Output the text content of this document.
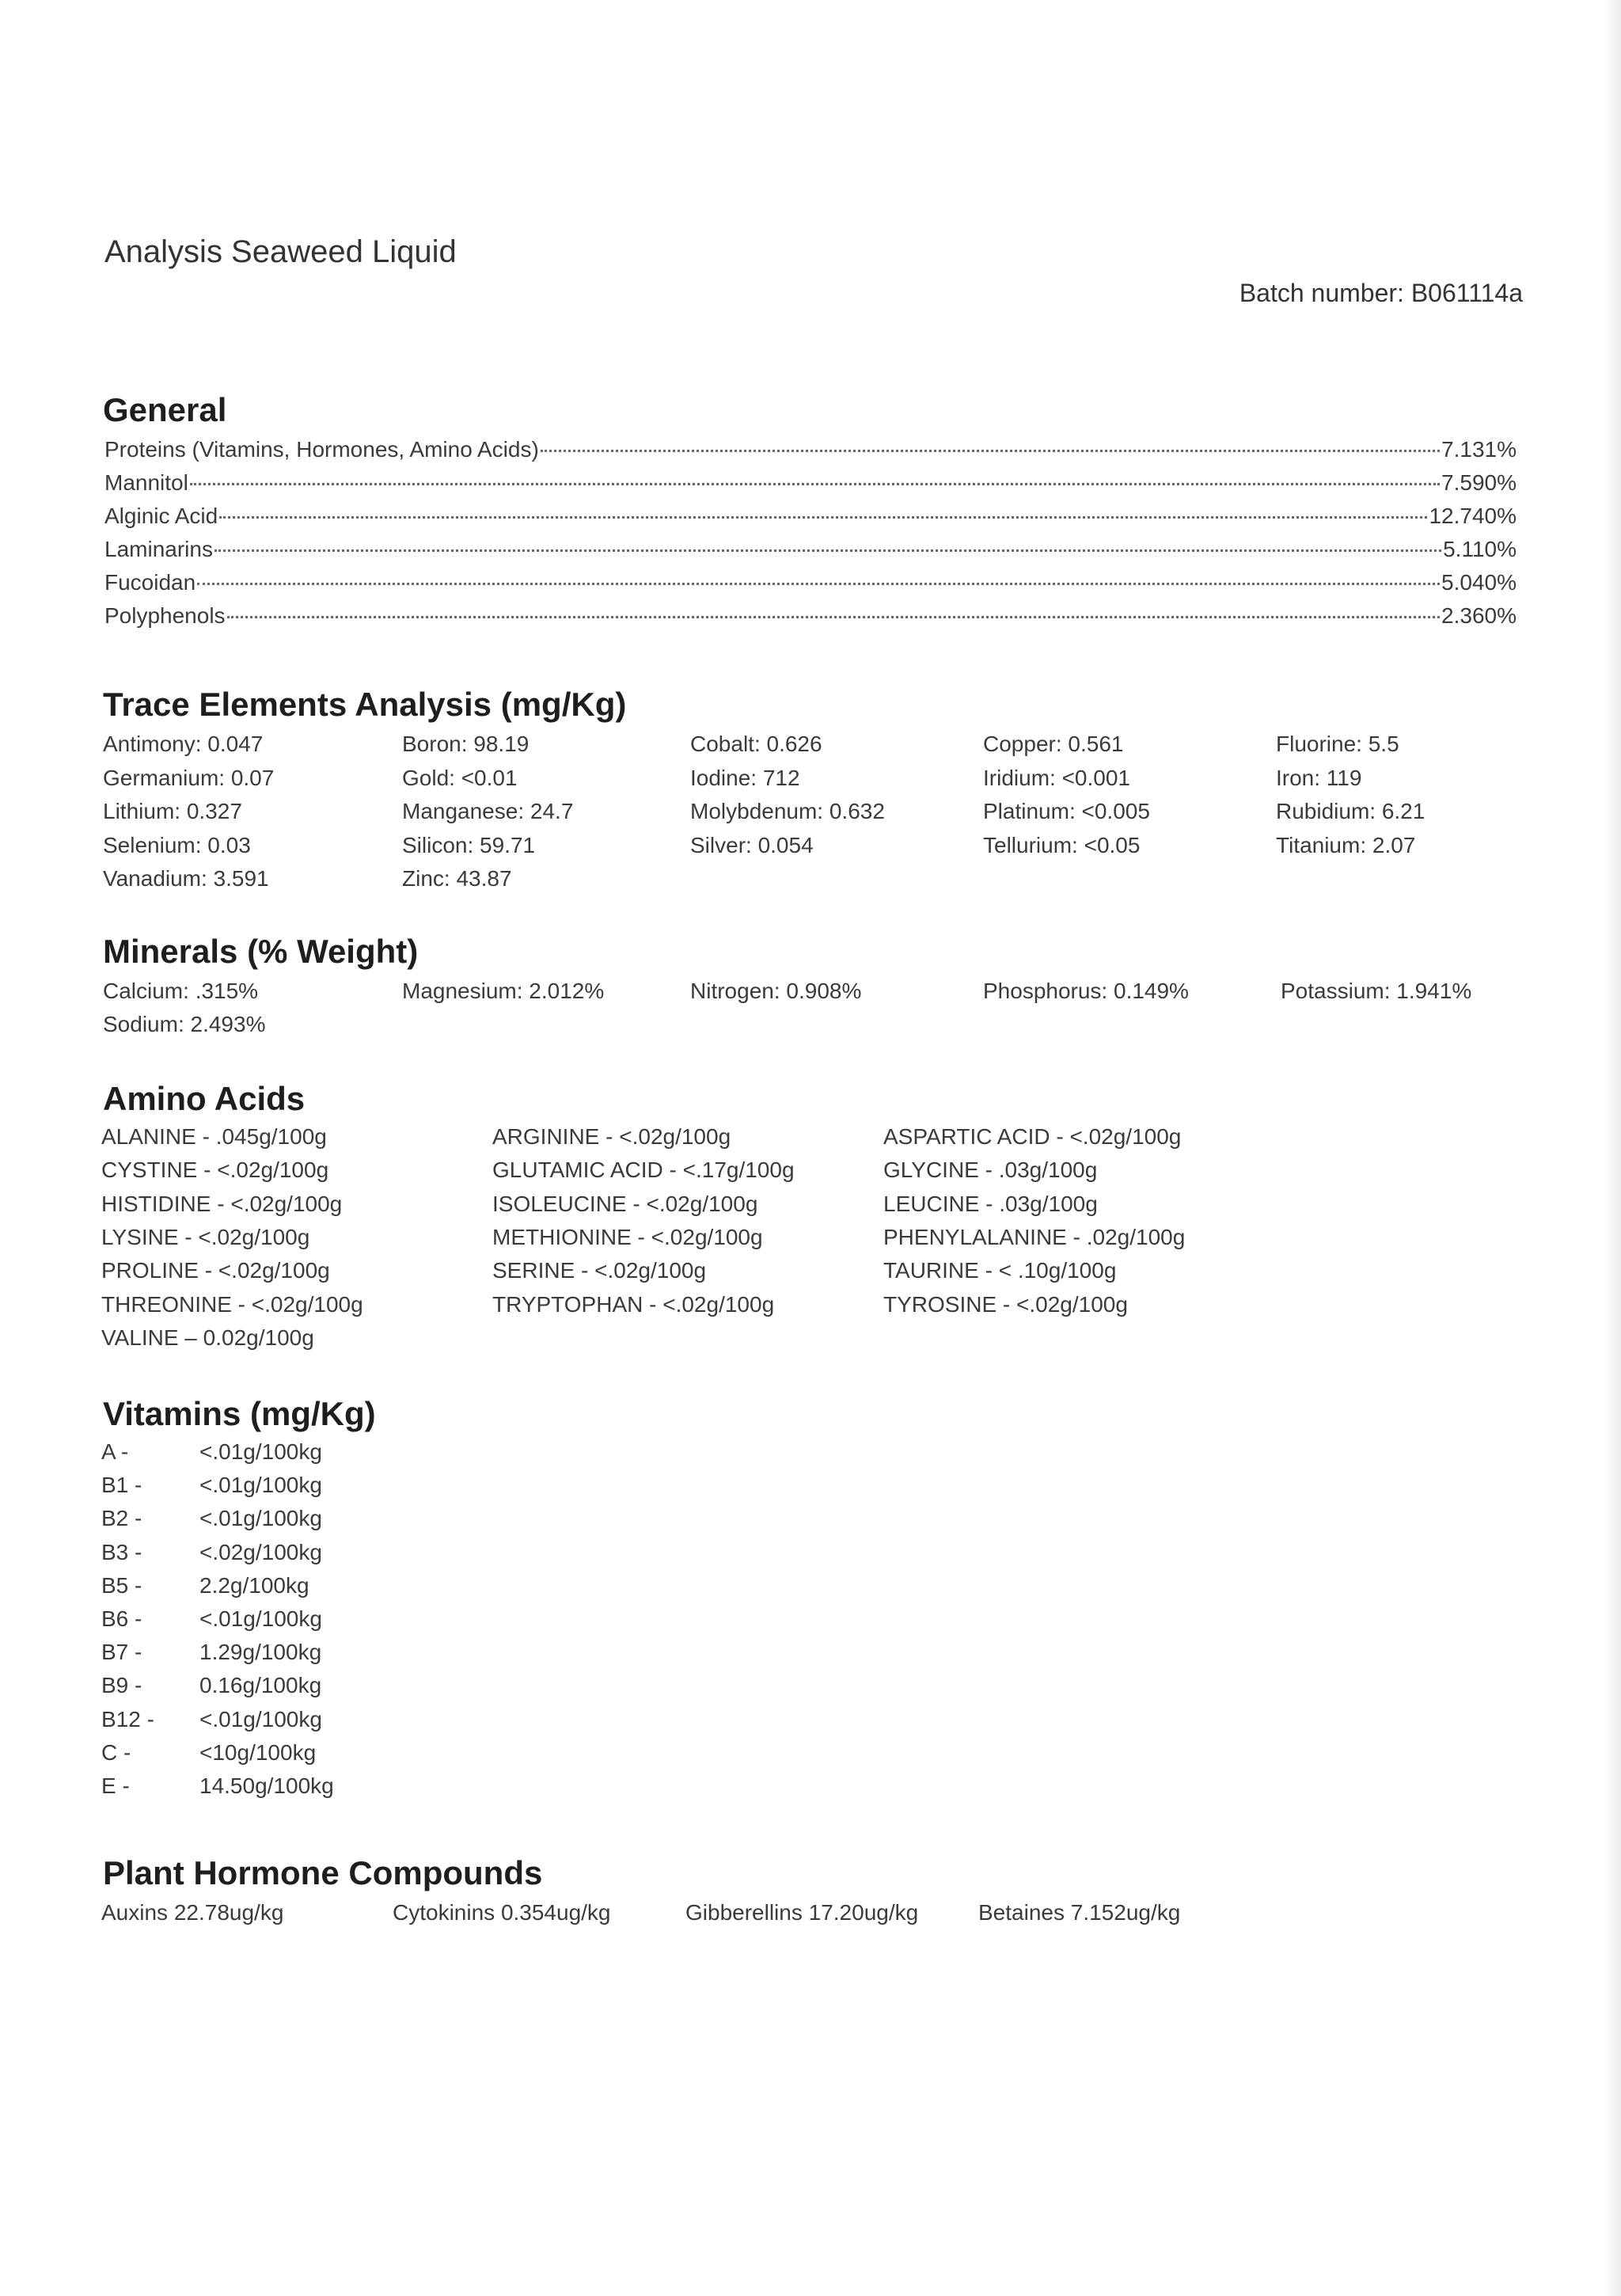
Analysis Seaweed Liquid
Batch number: B061114a
General
Proteins (Vitamins, Hormones, Amino Acids)	7.131%
Mannitol	7.590%
Alginic Acid	12.740%
Laminarins	5.110%
Fucoidan	5.040%
Polyphenols	2.360%
Trace Elements Analysis (mg/Kg)
Antimony: 0.047	Boron: 98.19	Cobalt: 0.626	Copper: 0.561	Fluorine: 5.5
Germanium: 0.07	Gold: <0.01	Iodine: 712	Iridium: <0.001	Iron: 119
Lithium: 0.327	Manganese: 24.7	Molybdenum: 0.632	Platinum: <0.005	Rubidium: 6.21
Selenium: 0.03	Silicon: 59.71	Silver: 0.054	Tellurium: <0.05	Titanium: 2.07
Vanadium: 3.591	Zinc: 43.87
Minerals (% Weight)
Calcium: .315%	Magnesium: 2.012%	Nitrogen: 0.908%	Phosphorus: 0.149%	Potassium: 1.941%
Sodium: 2.493%
Amino Acids
ALANINE - .045g/100g	ARGININE - <.02g/100g	ASPARTIC ACID - <.02g/100g
CYSTINE - <.02g/100g	GLUTAMIC ACID - <.17g/100g	GLYCINE - .03g/100g
HISTIDINE - <.02g/100g	ISOLEUCINE - <.02g/100g	LEUCINE - .03g/100g
LYSINE - <.02g/100g	METHIONINE - <.02g/100g	PHENYLALANINE - .02g/100g
PROLINE - <.02g/100g	SERINE - <.02g/100g	TAURINE - < .10g/100g
THREONINE - <.02g/100g	TRYPTOPHAN - <.02g/100g	TYROSINE - <.02g/100g
VALINE – 0.02g/100g
Vitamins (mg/Kg)
A -	<.01g/100kg
B1 -	<.01g/100kg
B2 -	<.01g/100kg
B3 -	<.02g/100kg
B5 -	2.2g/100kg
B6 -	<.01g/100kg
B7 -	1.29g/100kg
B9 -	0.16g/100kg
B12 - <.01g/100kg
C -	<10g/100kg
E -	14.50g/100kg
Plant Hormone Compounds
Auxins 22.78ug/kg	Cytokinins 0.354ug/kg	Gibberellins 17.20ug/kg	Betaines 7.152ug/kg
